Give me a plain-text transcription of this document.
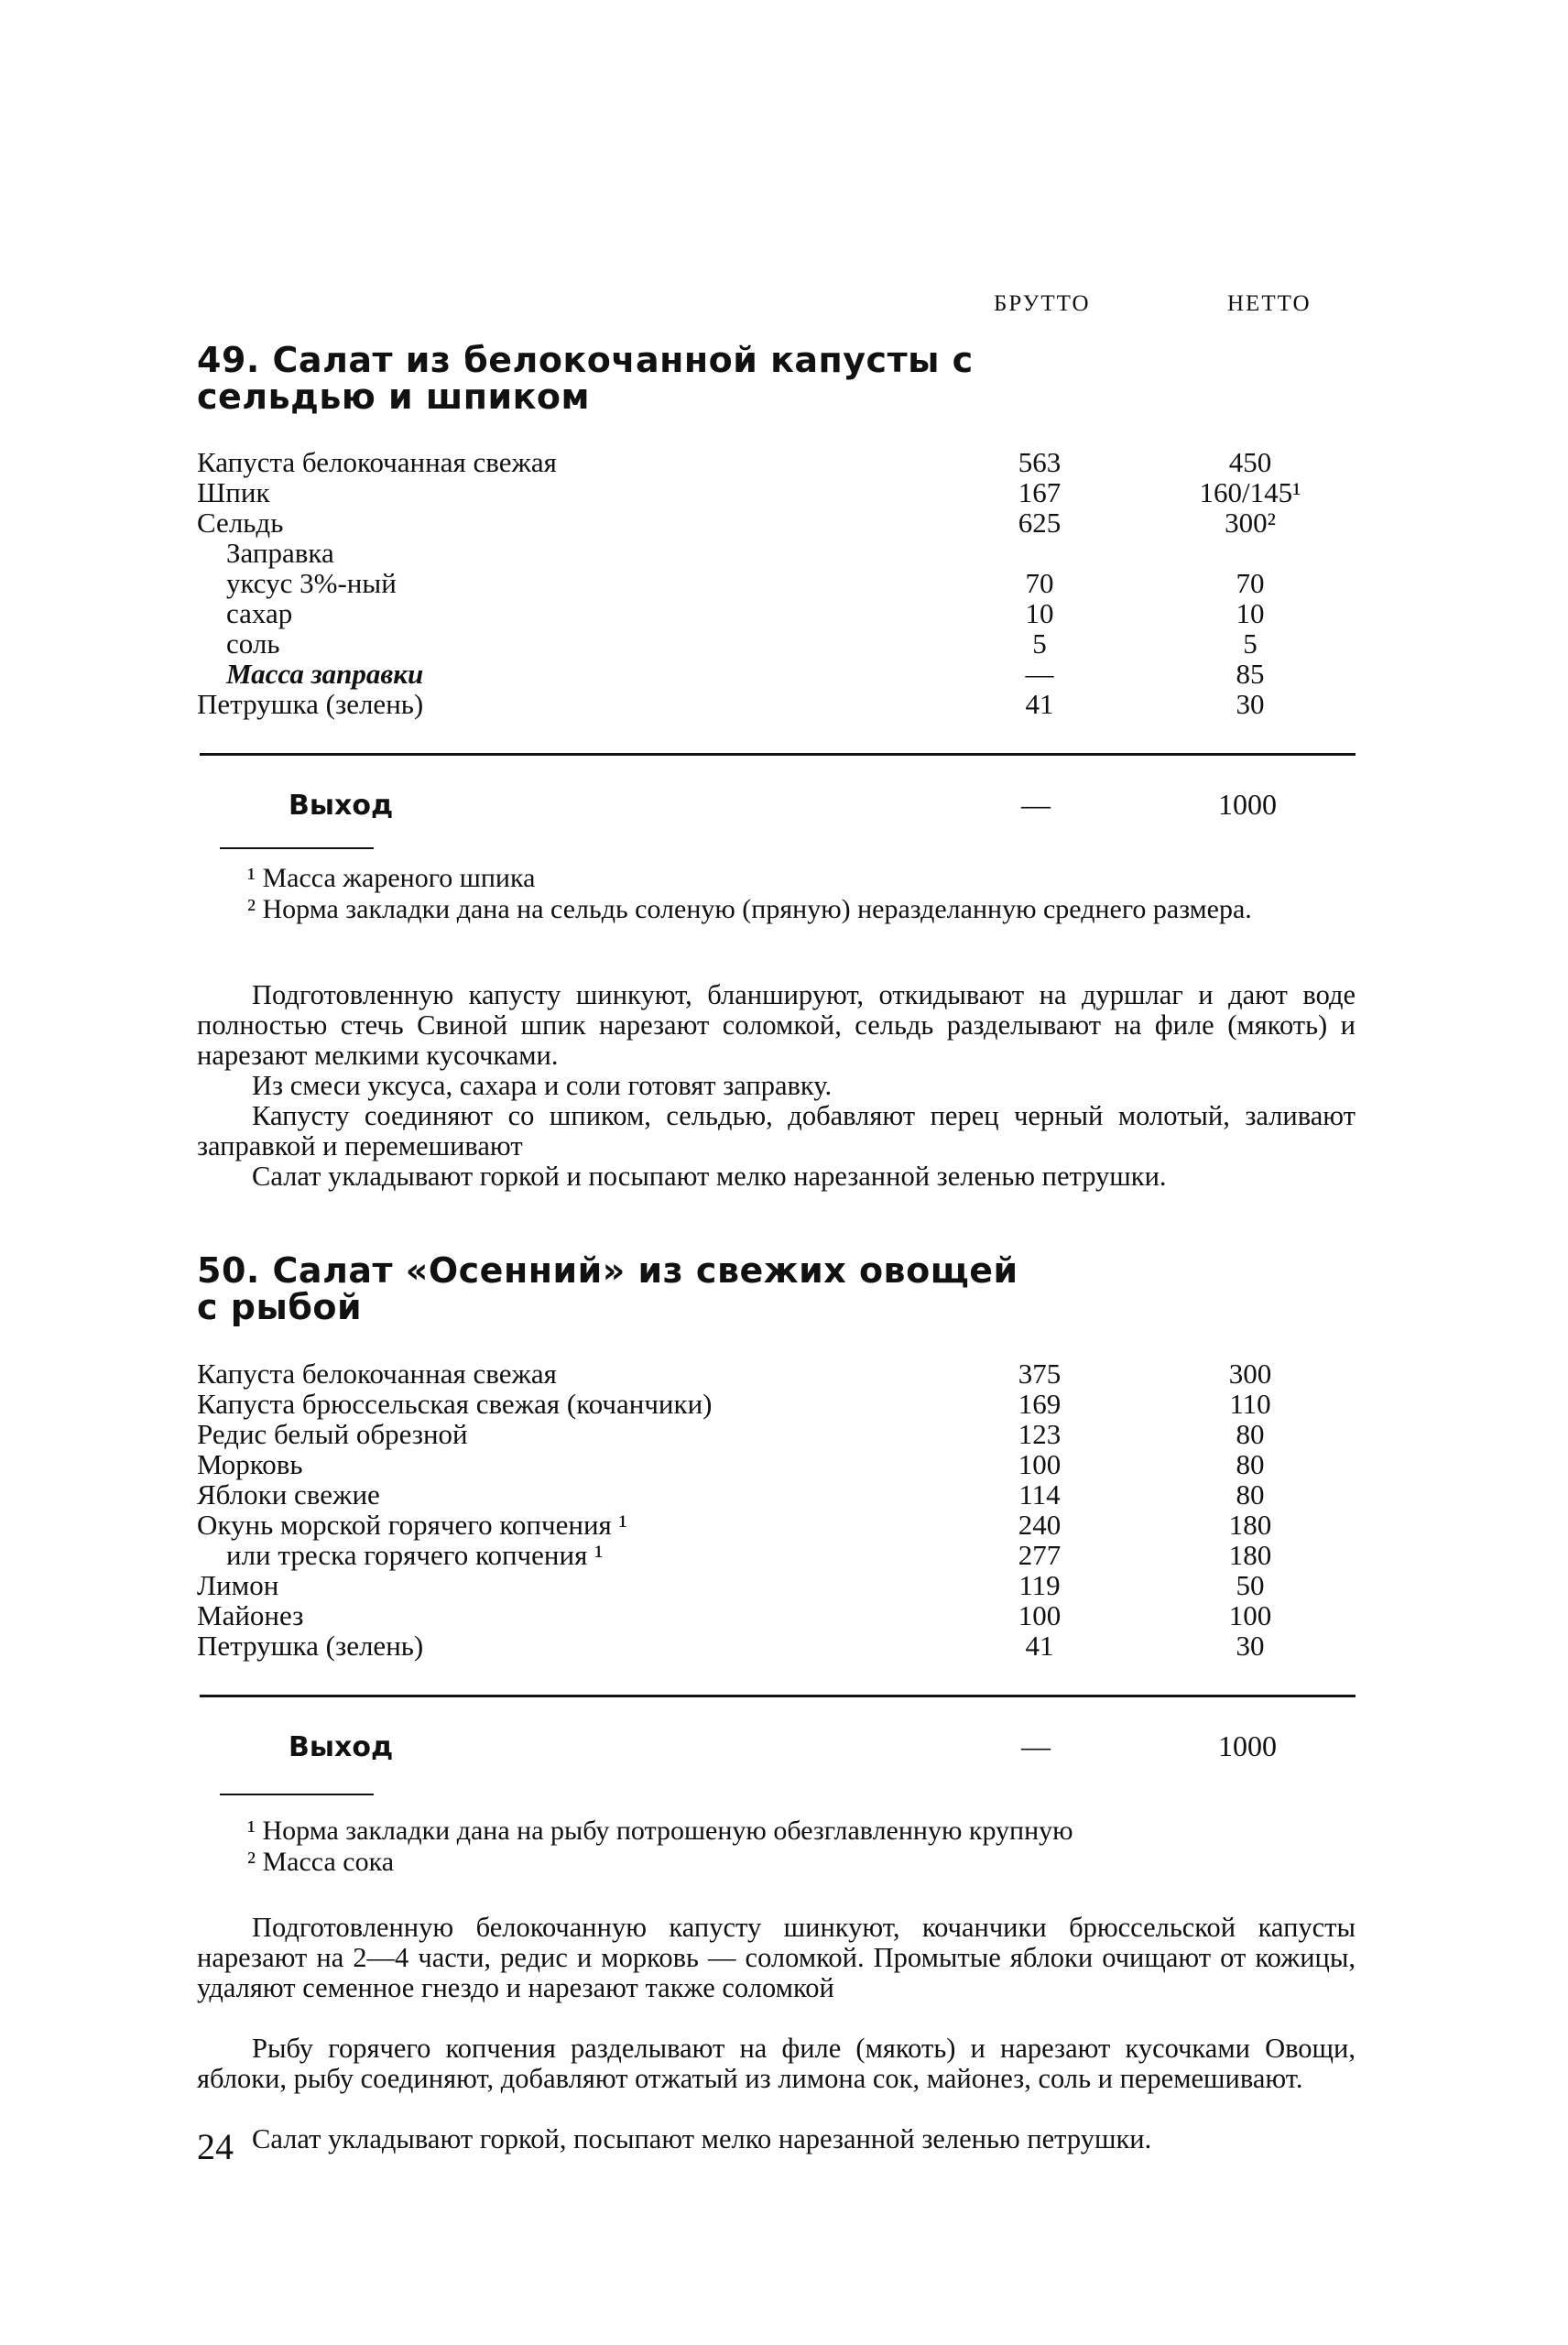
БРУТТО	НЕТТО
49. Салат из белокочанной капусты с
сельдью и шпиком
Капуста белокочанная свежая	563	450
Шпик	167	160/145¹
Сельдь	625	300²
Заправка
уксус 3%-ный	70	70
сахар	10	10
соль	5	5
Масса заправки	—	85
Петрушка (зелень)	41	30
Выход	—	1000
¹ Масса жареного шпика
² Норма закладки дана на сельдь соленую (пряную) неразделанную среднего размера.

Подготовленную капусту шинкуют, бланшируют, откидывают на дуршлаг и дают воде полностью стечь Свиной шпик нарезают соломкой, сельдь разделывают на филе (мякоть) и нарезают мелкими кусочками.

Из смеси уксуса, сахара и соли готовят заправку.

Капусту соединяют со шпиком, сельдью, добавляют перец черный молотый, заливают заправкой и перемешивают

Салат укладывают горкой и посыпают мелко нарезанной зеленью петрушки.

50. Салат «Осенний» из свежих овощей
с рыбой
Капуста белокочанная свежая	375	300
Капуста брюссельская свежая (кочанчики)	169	110
Редис белый обрезной	123	80
Морковь	100	80
Яблоки свежие	114	80
Окунь морской горячего копчения ¹	240	180
или треска горячего копчения ¹	277	180
Лимон	119	50
Майонез	100	100
Петрушка (зелень)	41	30
Выход	—	1000
¹ Норма закладки дана на рыбу потрошеную обезглавленную крупную
² Масса сока

Подготовленную белокочанную капусту шинкуют, кочанчики брюссельской капусты нарезают на 2—4 части, редис и морковь — соломкой. Промытые яблоки очищают от кожицы, удаляют семенное гнездо и нарезают также соломкой

Рыбу горячего копчения разделывают на филе (мякоть) и нарезают кусочками Овощи, яблоки, рыбу соединяют, добавляют отжатый из лимона сок, майонез, соль и перемешивают.

Салат укладывают горкой, посыпают мелко нарезанной зеленью петрушки.

24
